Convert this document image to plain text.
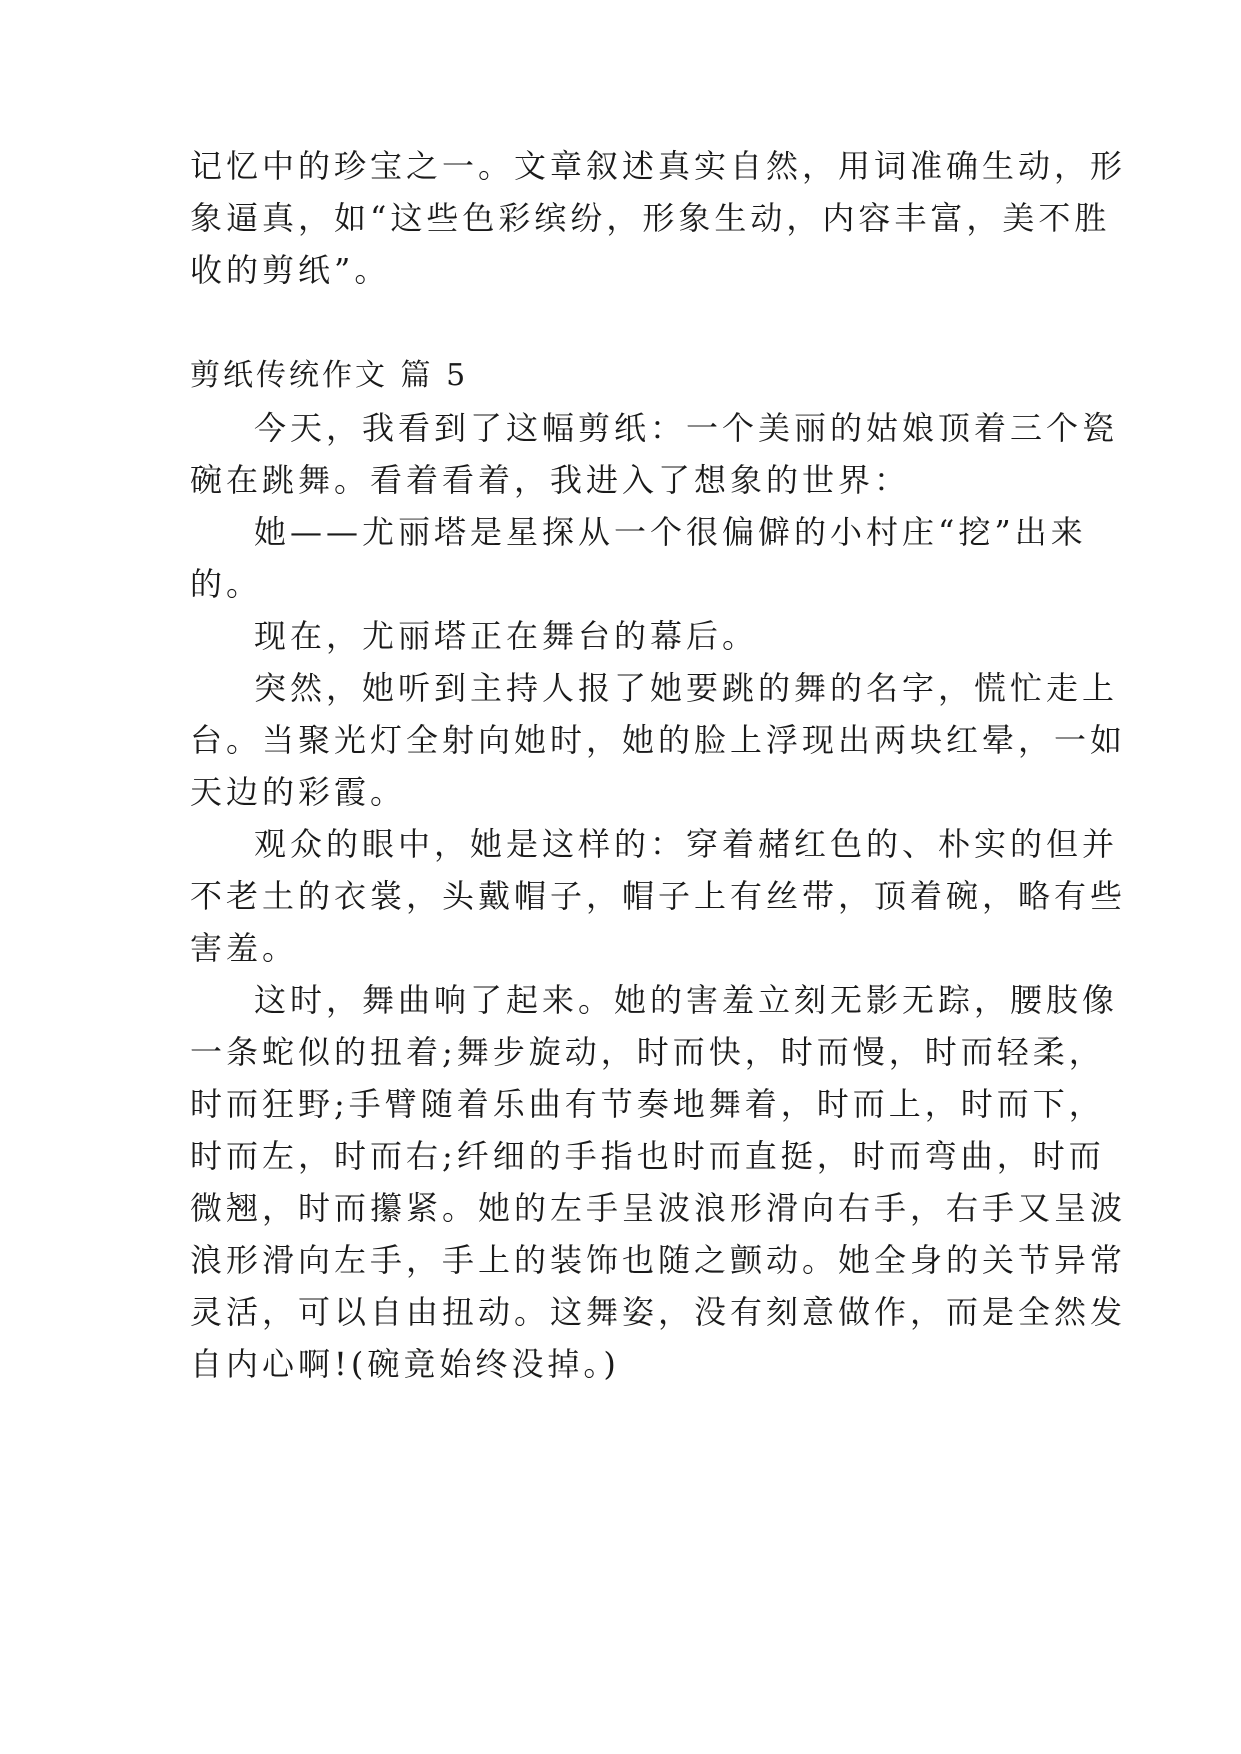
记忆中的珍宝之一。文章叙述真实自然，用词准确生动，形
象逼真，如“这些色彩缤纷，形象生动，内容丰富，美不胜
收的剪纸”。
剪纸传统作文 篇 5
今天，我看到了这幅剪纸：一个美丽的姑娘顶着三个瓷
碗在跳舞。看着看着，我进入了想象的世界：
她——尤丽塔是星探从一个很偏僻的小村庄“挖”出来
的。
现在，尤丽塔正在舞台的幕后。
突然，她听到主持人报了她要跳的舞的名字，慌忙走上
台。当聚光灯全射向她时，她的脸上浮现出两块红晕，一如
天边的彩霞。
观众的眼中，她是这样的：穿着赭红色的、朴实的但并
不老土的衣裳，头戴帽子，帽子上有丝带，顶着碗，略有些
害羞。
这时，舞曲响了起来。她的害羞立刻无影无踪，腰肢像
一条蛇似的扭着;舞步旋动，时而快，时而慢，时而轻柔，
时而狂野;手臂随着乐曲有节奏地舞着，时而上，时而下，
时而左，时而右;纤细的手指也时而直挺，时而弯曲，时而
微翘，时而攥紧。她的左手呈波浪形滑向右手，右手又呈波
浪形滑向左手，手上的装饰也随之颤动。她全身的关节异常
灵活，可以自由扭动。这舞姿，没有刻意做作，而是全然发
自内心啊!(碗竟始终没掉。)
